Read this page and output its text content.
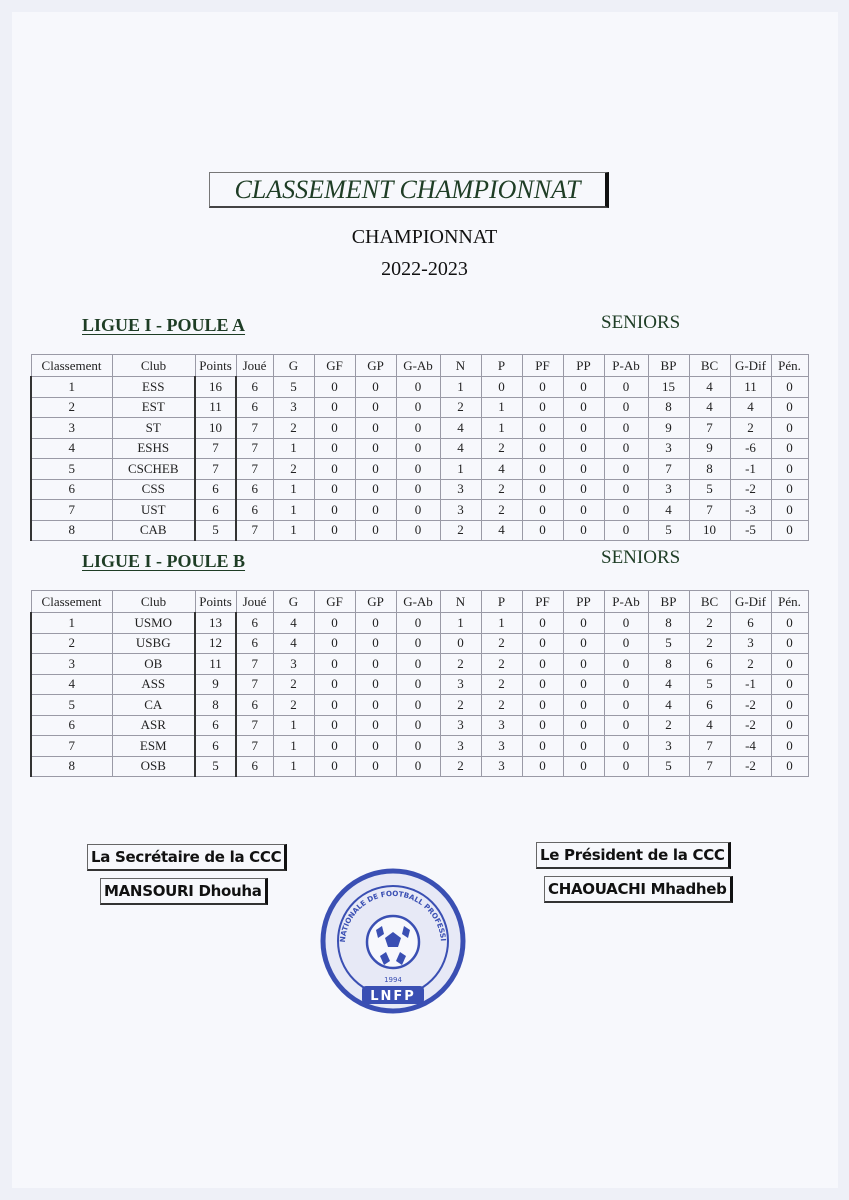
CLASSEMENT CHAMPIONNAT
CHAMPIONNAT
2022-2023
LIGUE I - POULE A	SENIORS
Classement	Club	Points	Joué	G	GF	GP	G-Ab	N	P	PF	PP	P-Ab	BP	BC	G-Dif	Pén.
1	ESS	16	6	5	0	0	0	1	0	0	0	0	15	4	11	0
2	EST	11	6	3	0	0	0	2	1	0	0	0	8	4	4	0
3	ST	10	7	2	0	0	0	4	1	0	0	0	9	7	2	0
4	ESHS	7	7	1	0	0	0	4	2	0	0	0	3	9	-6	0
5	CSCHEB	7	7	2	0	0	0	1	4	0	0	0	7	8	-1	0
6	CSS	6	6	1	0	0	0	3	2	0	0	0	3	5	-2	0
7	UST	6	6	1	0	0	0	3	2	0	0	0	4	7	-3	0
8	CAB	5	7	1	0	0	0	2	4	0	0	0	5	10	-5	0
LIGUE I - POULE B	SENIORS
Classement	Club	Points	Joué	G	GF	GP	G-Ab	N	P	PF	PP	P-Ab	BP	BC	G-Dif	Pén.
1	USMO	13	6	4	0	0	0	1	1	0	0	0	8	2	6	0
2	USBG	12	6	4	0	0	0	0	2	0	0	0	5	2	3	0
3	OB	11	7	3	0	0	0	2	2	0	0	0	8	6	2	0
4	ASS	9	7	2	0	0	0	3	2	0	0	0	4	5	-1	0
5	CA	8	6	2	0	0	0	2	2	0	0	0	4	6	-2	0
6	ASR	6	7	1	0	0	0	3	3	0	0	0	2	4	-2	0
7	ESM	6	7	1	0	0	0	3	3	0	0	0	3	7	-4	0
8	OSB	5	6	1	0	0	0	2	3	0	0	0	5	7	-2	0
La Secrétaire de la CCC
MANSOURI Dhouha
Le Président de la CCC
CHAOUACHI Mhadheb
NATIONALE DE FOOTBALL PROFESSI
1994
LNFP
